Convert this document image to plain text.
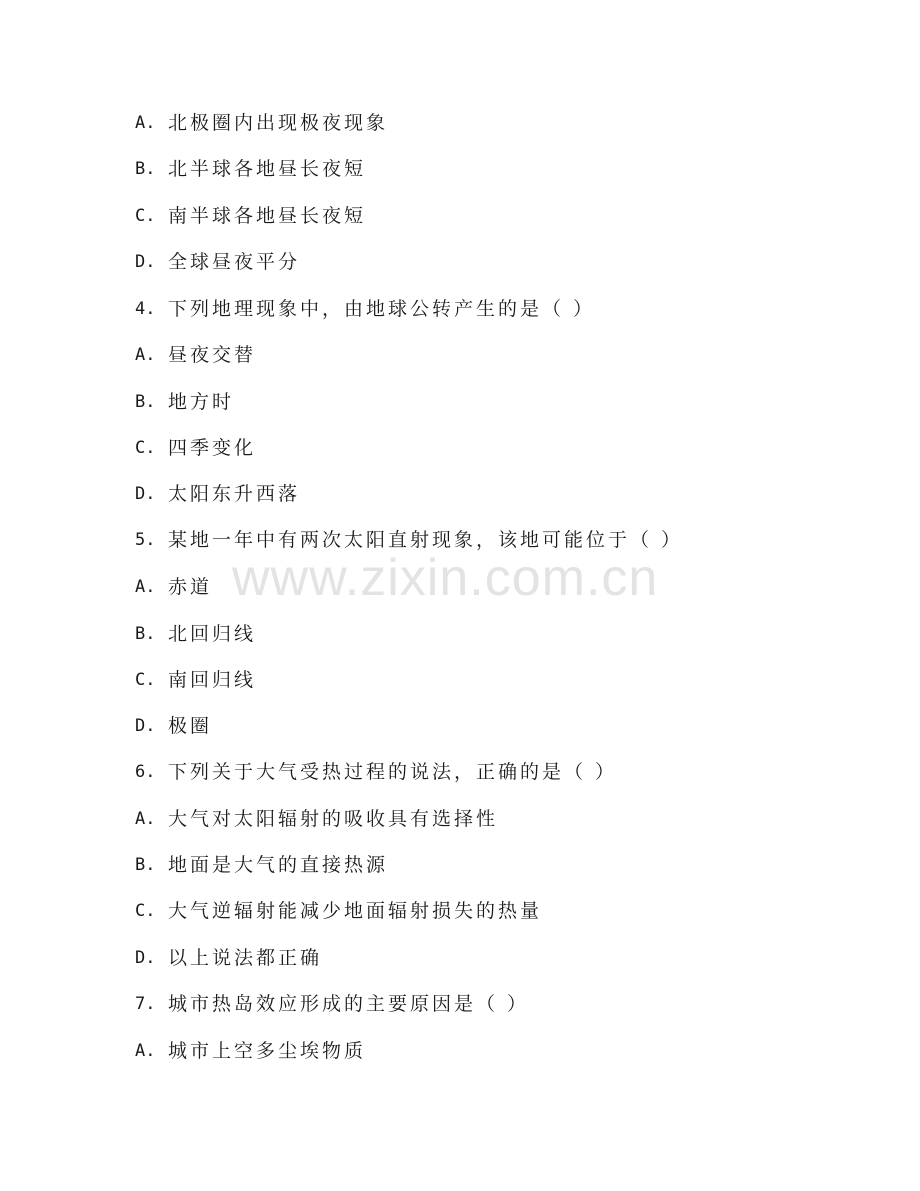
www.zixin.com.cn
A. 北极圈内出现极夜现象
B. 北半球各地昼长夜短
C. 南半球各地昼长夜短
D. 全球昼夜平分
4. 下列地理现象中，由地球公转产生的是（ ）
A. 昼夜交替
B. 地方时
C. 四季变化
D. 太阳东升西落
5. 某地一年中有两次太阳直射现象，该地可能位于（ ）
A. 赤道
B. 北回归线
C. 南回归线
D. 极圈
6. 下列关于大气受热过程的说法，正确的是（ ）
A. 大气对太阳辐射的吸收具有选择性
B. 地面是大气的直接热源
C. 大气逆辐射能减少地面辐射损失的热量
D. 以上说法都正确
7. 城市热岛效应形成的主要原因是（ ）
A. 城市上空多尘埃物质
